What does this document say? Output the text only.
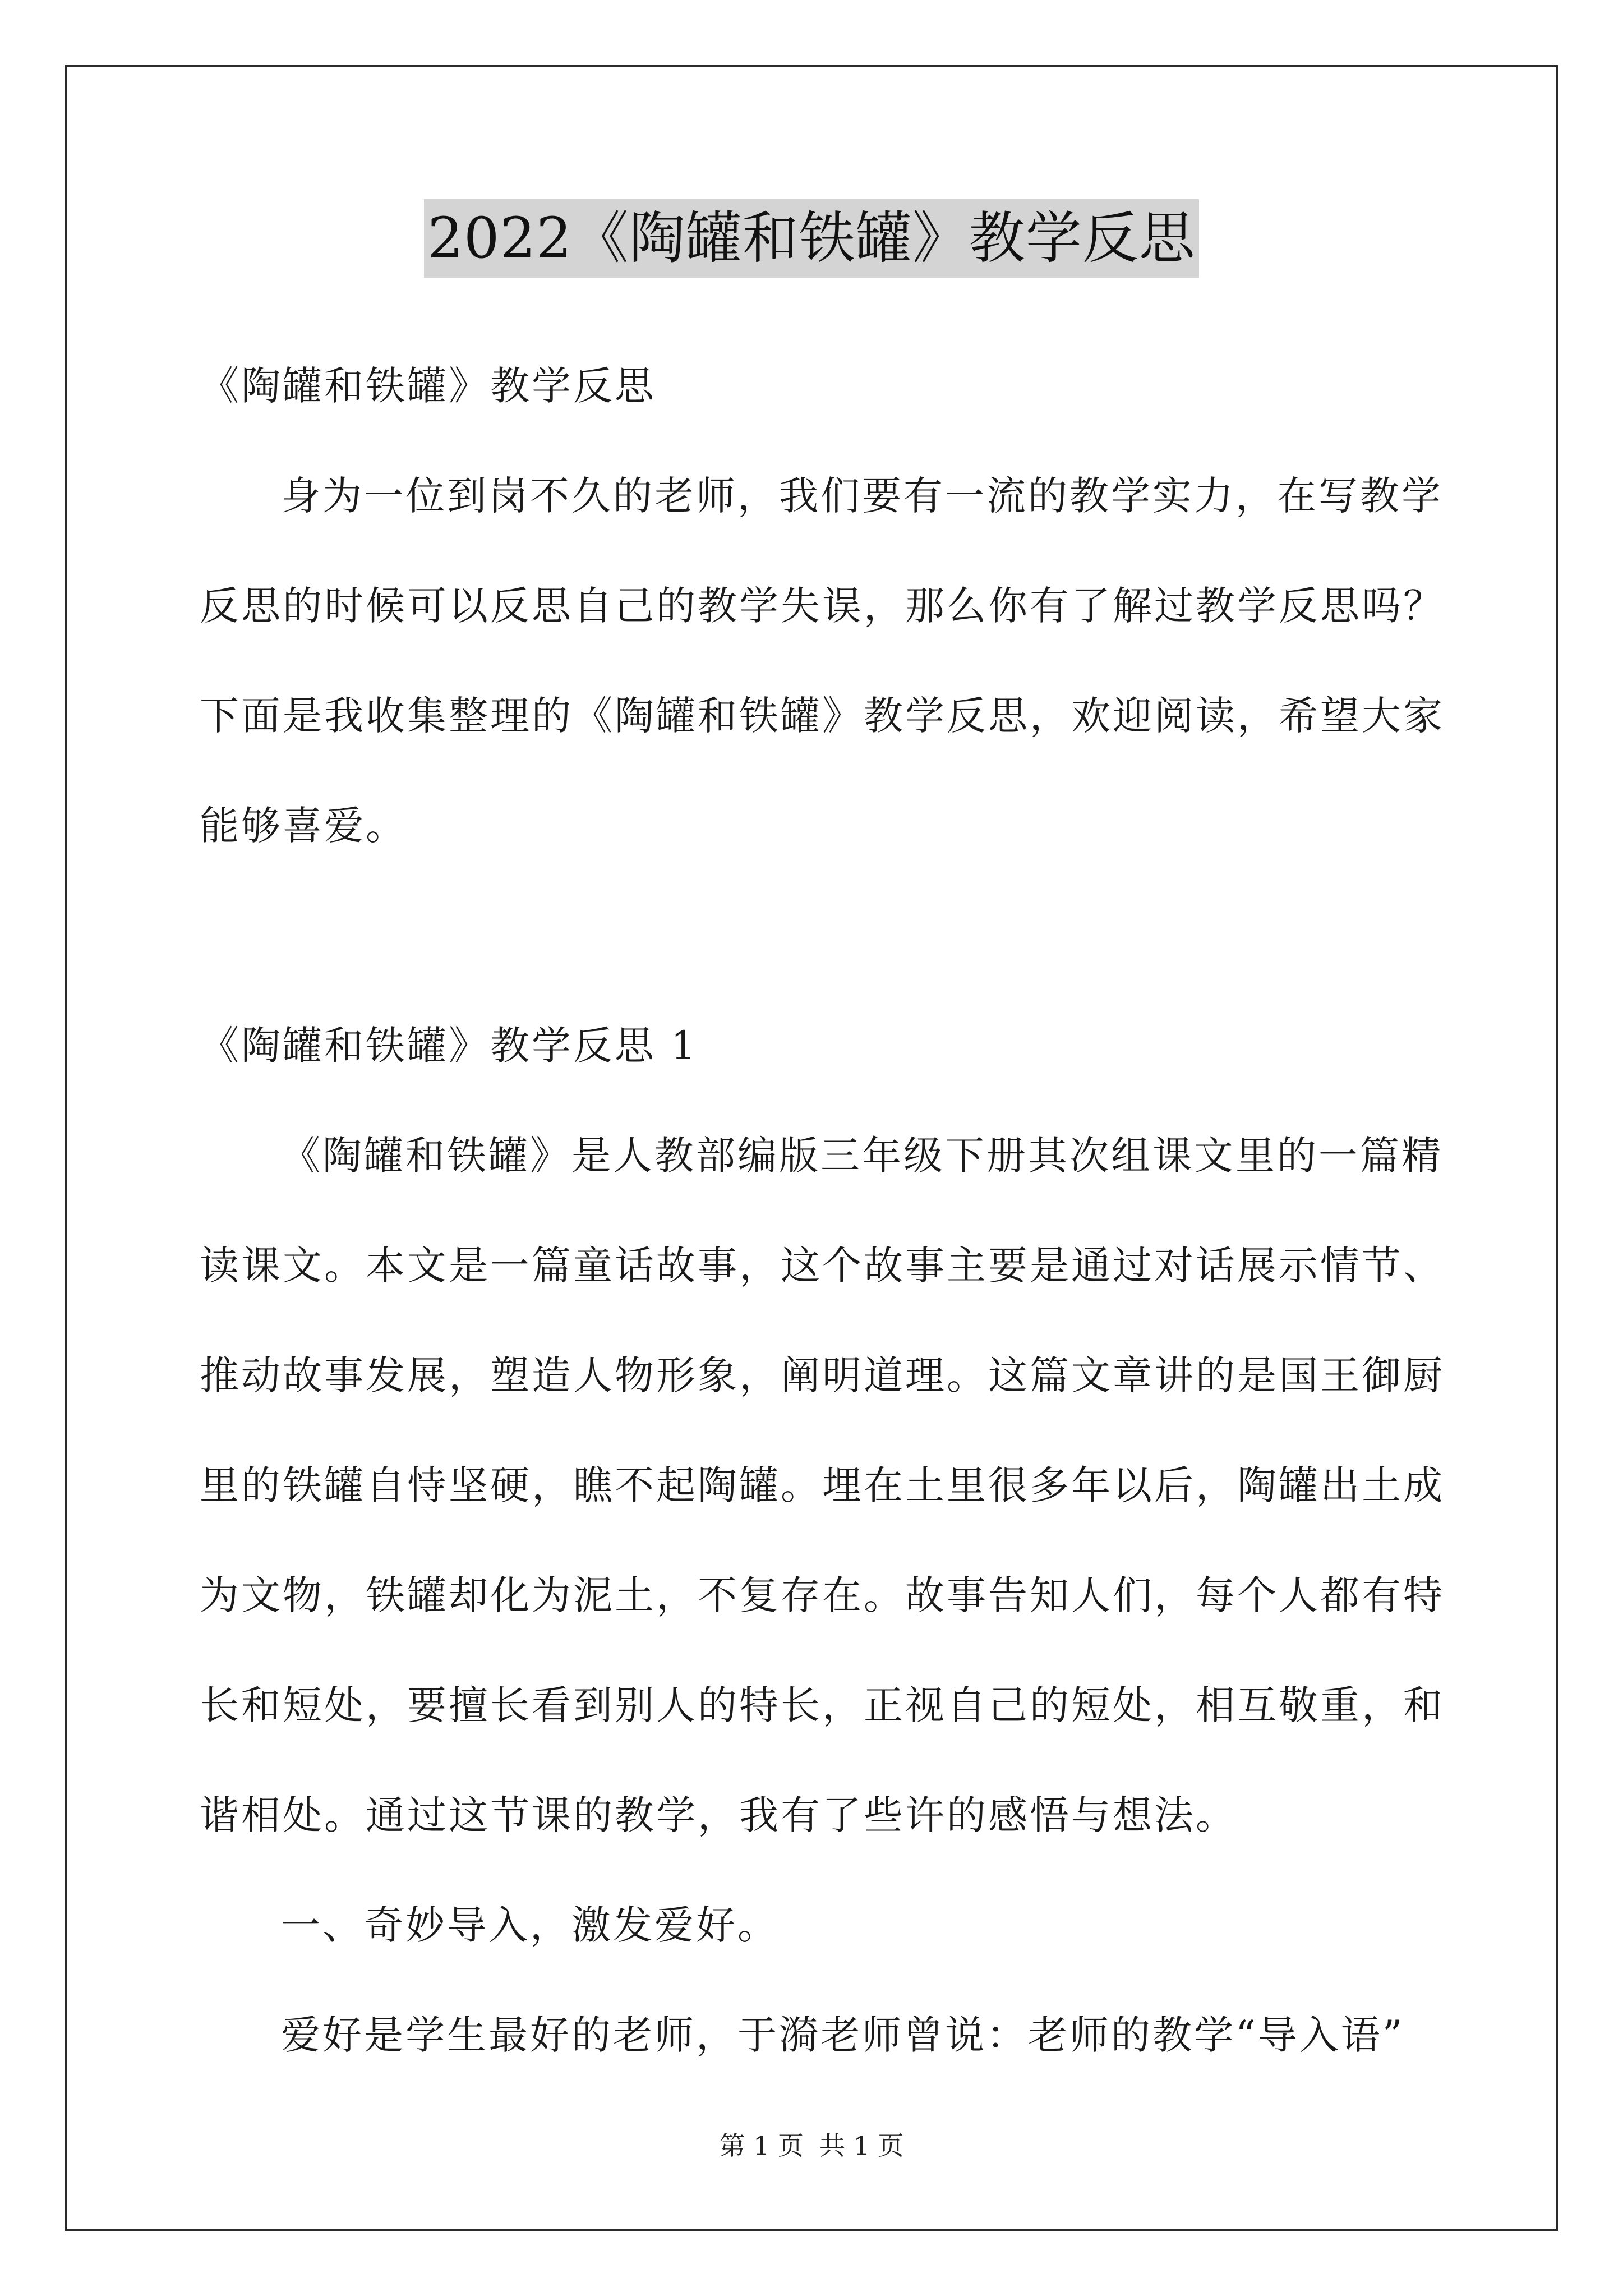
2022《陶罐和铁罐》教学反思
《陶罐和铁罐》教学反思
身为一位到岗不久的老师，我们要有一流的教学实力，在写教学
反思的时候可以反思自己的教学失误，那么你有了解过教学反思吗？
下面是我收集整理的《陶罐和铁罐》教学反思，欢迎阅读，希望大家
能够喜爱。
《陶罐和铁罐》教学反思 1
《陶罐和铁罐》是人教部编版三年级下册其次组课文里的一篇精
读课文。本文是一篇童话故事，这个故事主要是通过对话展示情节、
推动故事发展，塑造人物形象，阐明道理。这篇文章讲的是国王御厨
里的铁罐自恃坚硬，瞧不起陶罐。埋在土里很多年以后，陶罐出土成
为文物，铁罐却化为泥土，不复存在。故事告知人们，每个人都有特
长和短处，要擅长看到别人的特长，正视自己的短处，相互敬重，和
谐相处。通过这节课的教学，我有了些许的感悟与想法。
一、奇妙导入，激发爱好。
爱好是学生最好的老师，于漪老师曾说：老师的教学“导入语”
第 1 页 共 1 页
